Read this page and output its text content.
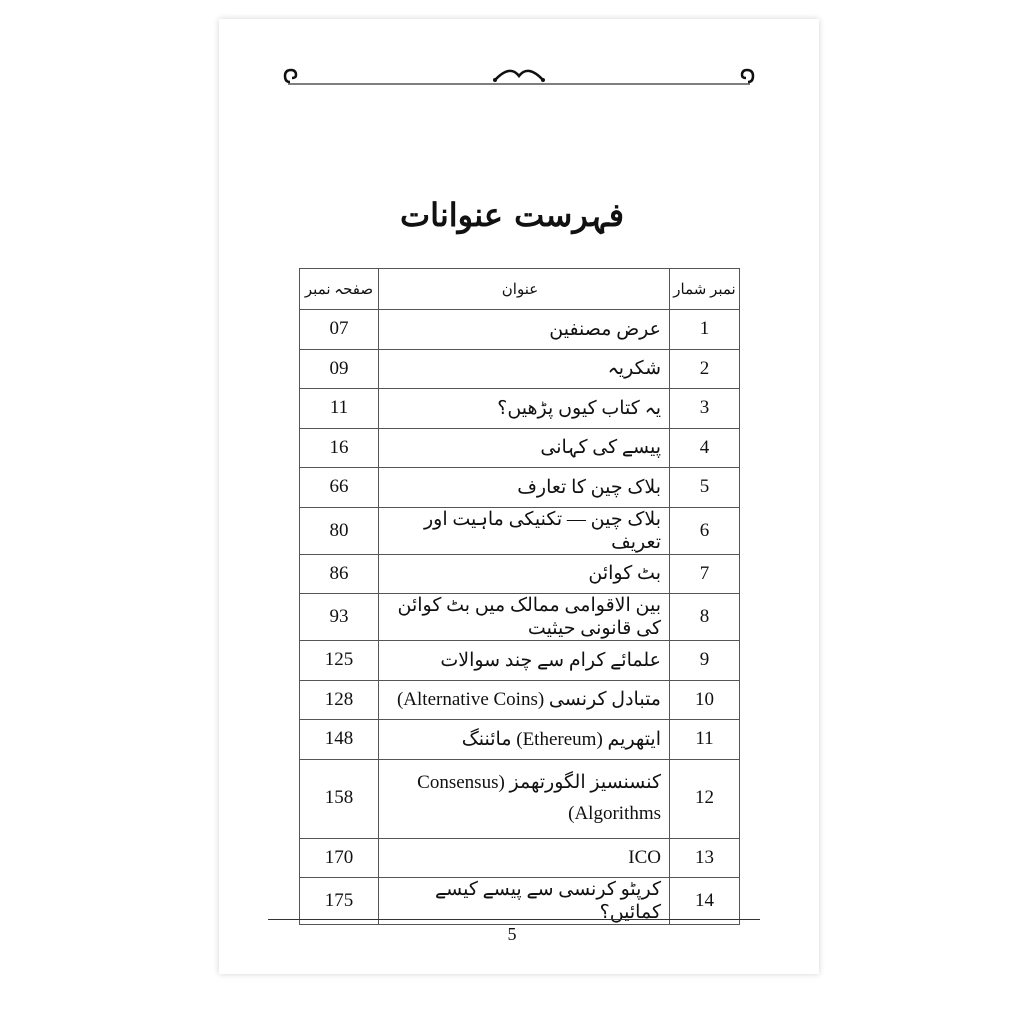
فہرست عنوانات
صفحہ نمبر	عنوان	نمبر شمار
07	عرض مصنفین	1
09	شکریہ	2
11	یہ کتاب کیوں پڑھیں؟	3
16	پیسے کی کہانی	4
66	بلاک چین کا تعارف	5
80	بلاک چین — تکنیکی ماہیت اور تعریف	6
86	بٹ کوائن	7
93	بین الاقوامی ممالک میں بٹ کوائن کی قانونی حیثیت	8
125	علمائے کرام سے چند سوالات	9
128	متبادل کرنسی (Alternative Coins)	10
148	ایتھریم (Ethereum) مائننگ	11
158	کنسنسیز الگورتھمز (Consensus Algorithms)	12
170	ICO	13
175	کرپٹو کرنسی سے پیسے کیسے کمائیں؟	14
5
